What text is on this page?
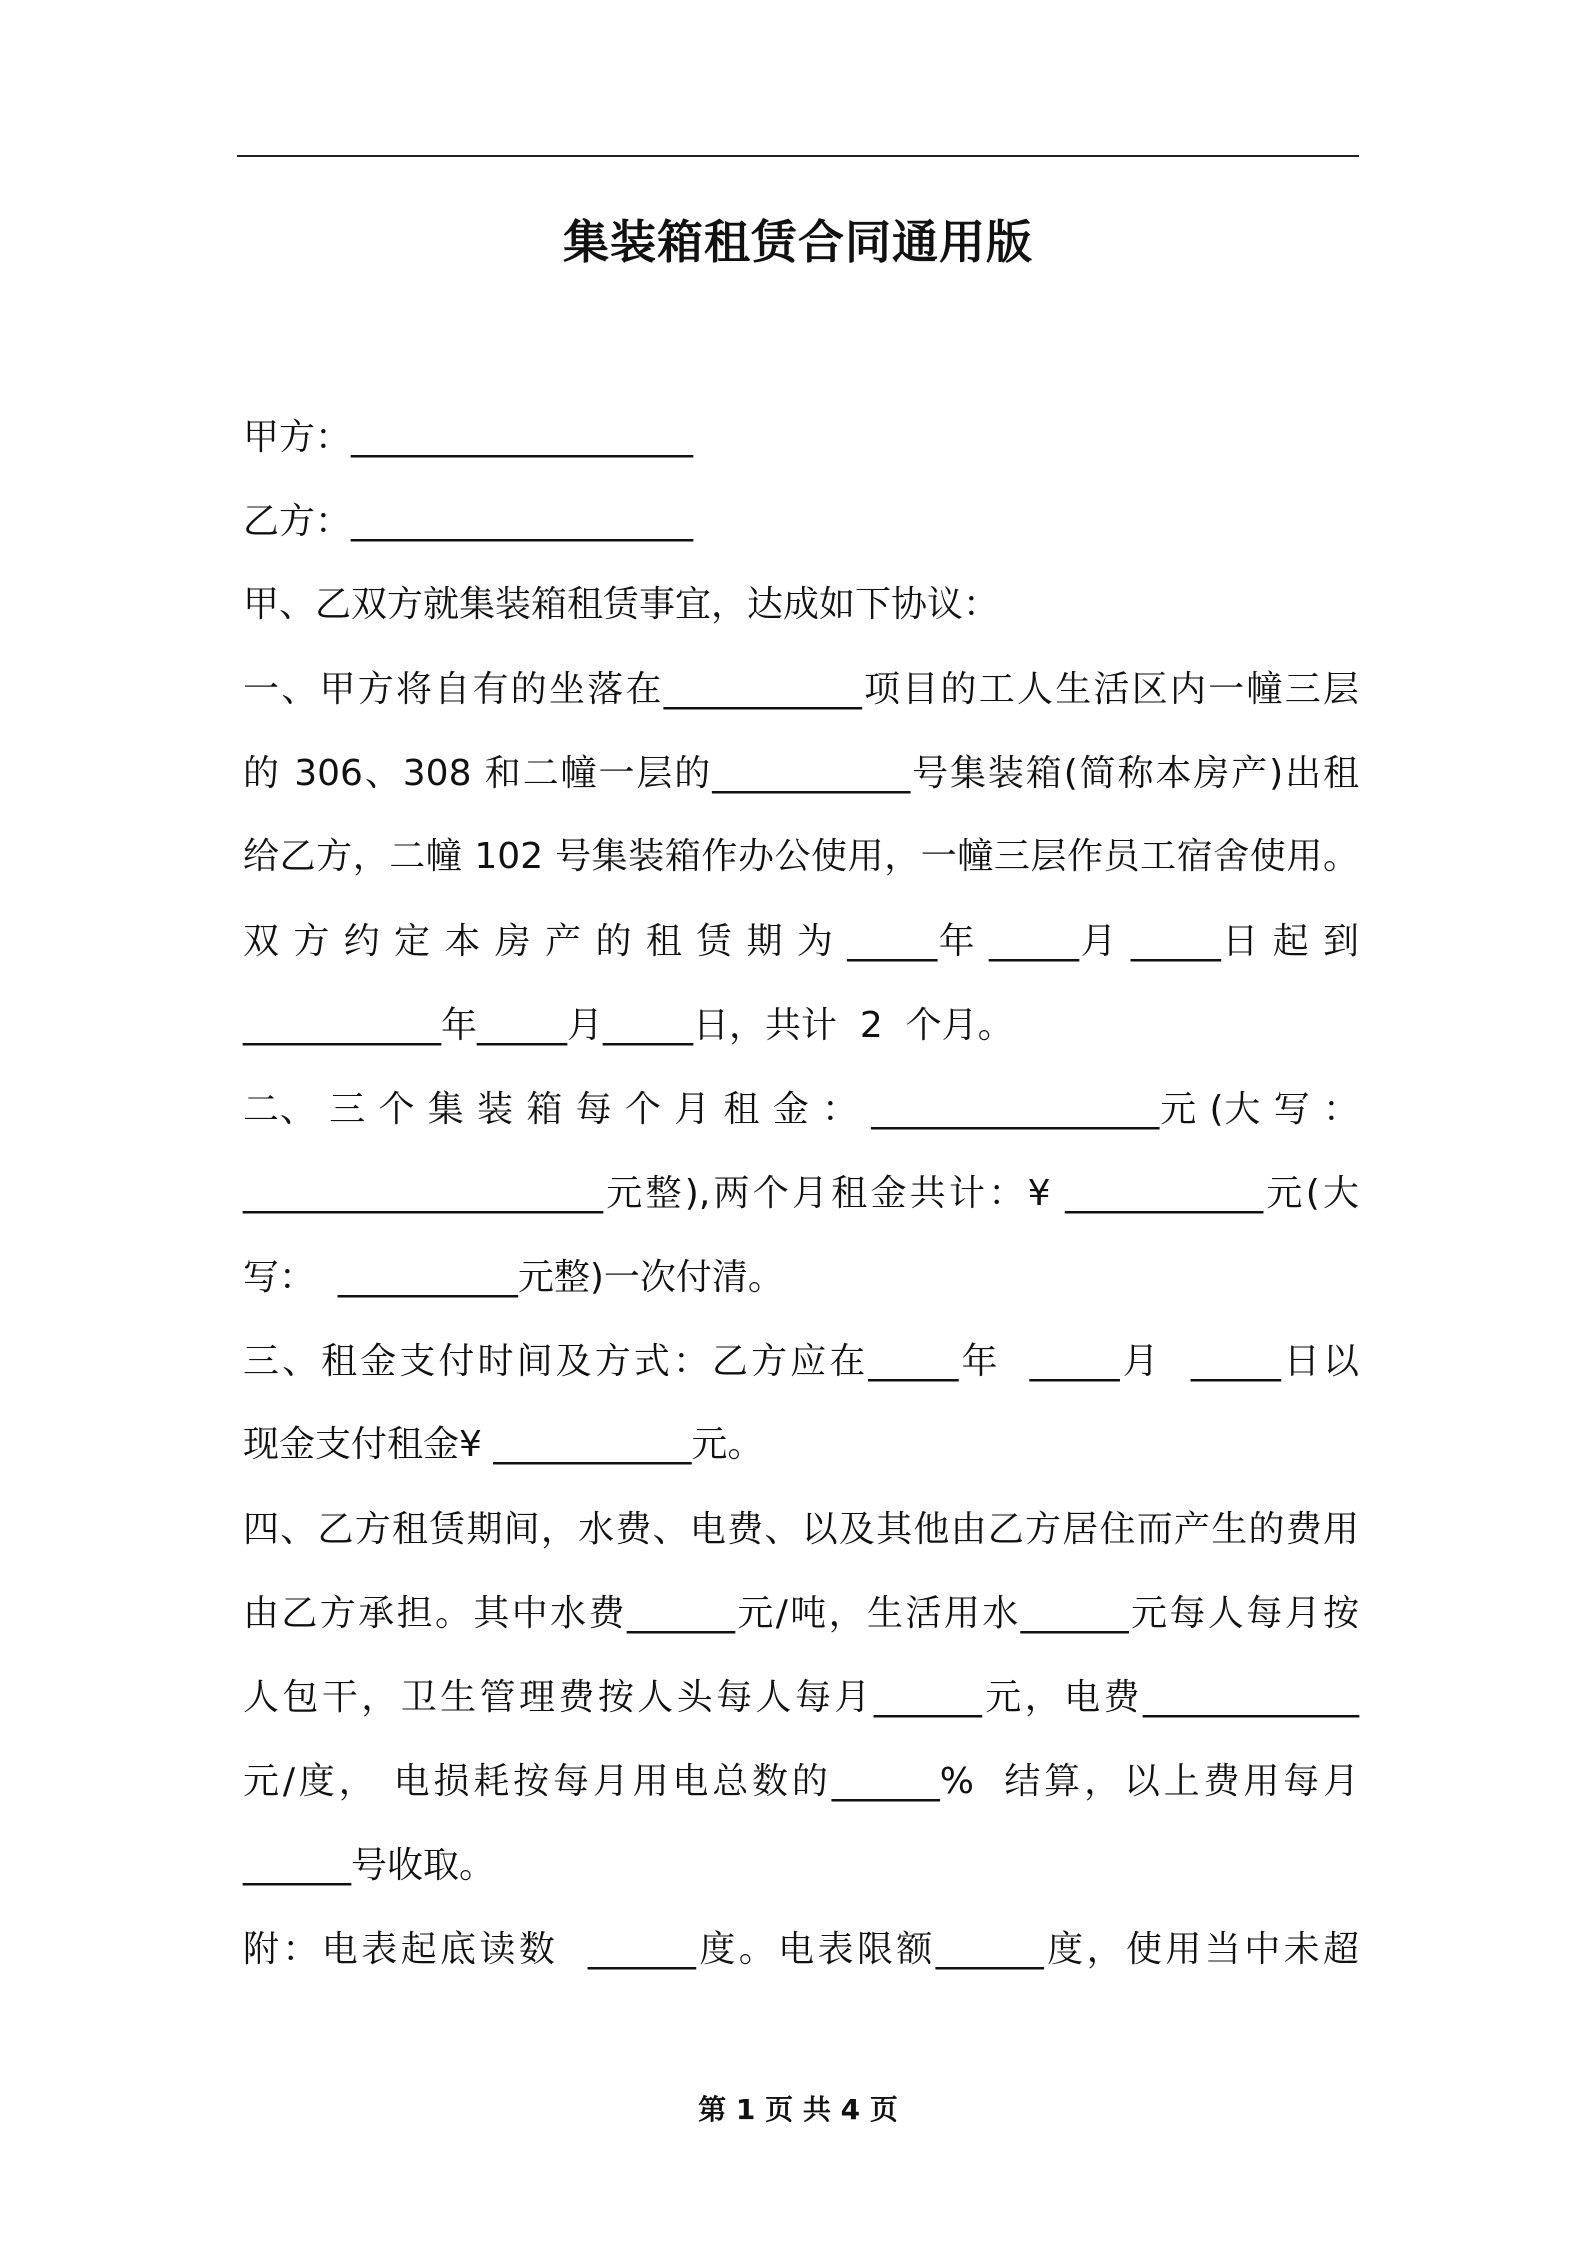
集装箱租赁合同通用版
甲方：___________________
乙方：___________________
甲、乙双方就集装箱租赁事宜，达成如下协议：
一、甲方将自有的坐落在___________项目的工人生活区内一幢三层
的 306、308 和二幢一层的___________号集装箱(简称本房产)出租
给乙方，二幢 102 号集装箱作办公使用，一幢三层作员工宿舍使用。
双 方 约 定 本 房 产 的 租 赁 期 为 _____年 _____月 _____日 起 到
___________年_____月_____日，共计  2  个月。
二、 三 个 集 装 箱 每 个 月 租 金 ： ________________元 (大 写 ：
____________________元整),两个月租金共计：¥ ___________元(大
写：  __________元整)一次付清。
三、租金支付时间及方式：乙方应在_____年  _____月  _____日以
现金支付租金¥ ___________元。
四、乙方租赁期间，水费、电费、以及其他由乙方居住而产生的费用
由乙方承担。其中水费______元/吨，生活用水______元每人每月按
人包干，卫生管理费按人头每人每月______元，电费____________
元/度， 电损耗按每月用电总数的______%  结算，以上费用每月
______号收取。
附：电表起底读数  ______度。电表限额______度，使用当中未超
第 1 页 共 4 页
